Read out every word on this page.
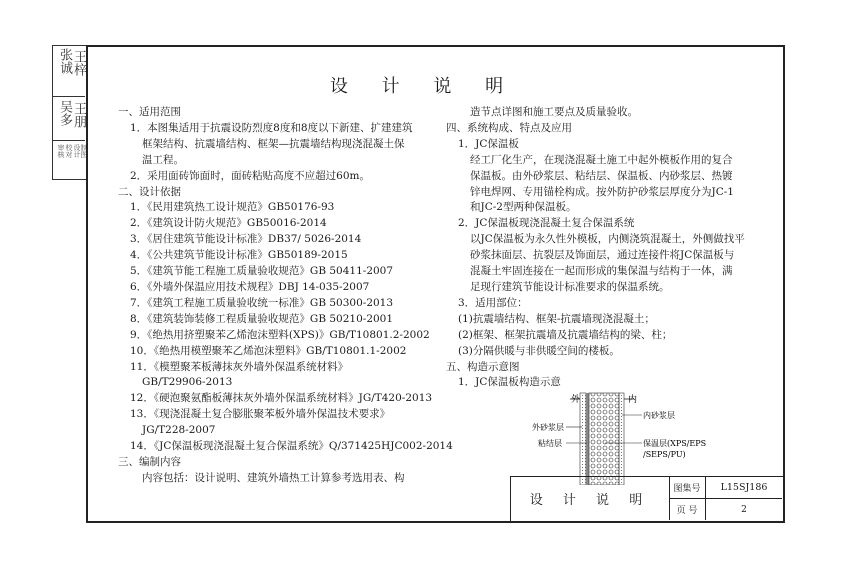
张诚 王梓
吴多 王朋
审核 校对 设计 制图
设 计 说 明
一、适用范围
1．本图集适用于抗震设防烈度8度和8度以下新建、扩建建筑
框架结构、抗震墙结构、框架—抗震墙结构现浇混凝土保
温工程。
2．采用面砖饰面时，面砖粘贴高度不应超过60m。
二、设计依据
1．《民用建筑热工设计规范》GB50176-93
2．《建筑设计防火规范》GB50016-2014
3．《居住建筑节能设计标准》DB37/ 5026-2014
4．《公共建筑节能设计标准》GB50189-2015
5．《建筑节能工程施工质量验收规范》GB 50411-2007
6．《外墙外保温应用技术规程》DBJ 14-035-2007
7．《建筑工程施工质量验收统一标准》GB 50300-2013
8．《建筑装饰装修工程质量验收规范》GB 50210-2001
9．《绝热用挤塑聚苯乙烯泡沫塑料(XPS)》GB/T10801.2-2002
10．《绝热用模塑聚苯乙烯泡沫塑料》GB/T10801.1-2002
11．《模塑聚苯板薄抹灰外墙外保温系统材料》
GB/T29906-2013
12．《硬泡聚氨酯板薄抹灰外墙外保温系统材料》JG/T420-2013
13．《现浇混凝土复合膨胀聚苯板外墙外保温技术要求》
JG/T228-2007
14．《JC保温板现浇混凝土复合保温系统》Q/371425HJC002-2014
三、编制内容
内容包括：设计说明、建筑外墙热工计算参考选用表、构
造节点详图和施工要点及质量验收。
四、系统构成、特点及应用
1．JC保温板
经工厂化生产，在现浇混凝土施工中起外模板作用的复合
保温板。由外砂浆层、粘结层、保温板、内砂浆层、热镀
锌电焊网、专用锚栓构成。按外防护砂浆层厚度分为JC-1
和JC-2型两种保温板。
2．JC保温板现浇混凝土复合保温系统
以JC保温板为永久性外模板，内侧浇筑混凝土，外侧做找平
砂浆抹面层、抗裂层及饰面层，通过连接件将JC保温板与
混凝土牢固连接在一起而形成的集保温与结构于一体，满
足现行建筑节能设计标准要求的保温系统。
3．适用部位：
(1)抗震墙结构、框架-抗震墙现浇混凝土；
(2)框架、框架抗震墙及抗震墙结构的梁、柱；
(3)分隔供暖与非供暖空间的楼板。
五、构造示意图
1．JC保温板构造示意
外	内
内砂浆层
外砂浆层
粘结层	保温层(XPS/EPS
/SEPS/PU)
设 计 说 明
图集号	L15SJ186
页 号	2
